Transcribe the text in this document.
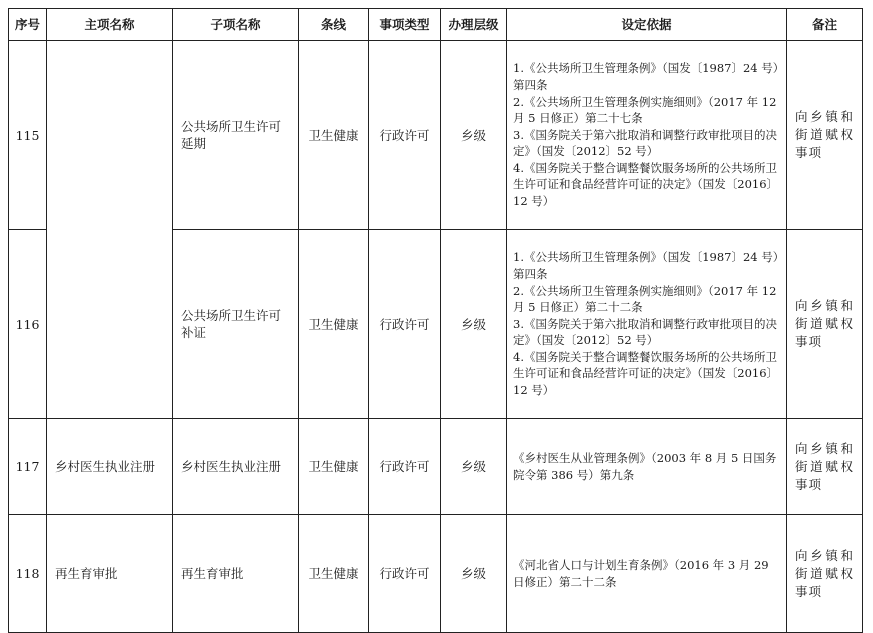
序号	主项名称	子项名称	条线	事项类型	办理层级	设定依据	备注
115		公共场所卫生许可延期	卫生健康	行政许可	乡级	1.《公共场所卫生管理条例》（国发〔1987〕24 号）第四条
2.《公共场所卫生管理条例实施细则》（2017 年 12 月 5 日修正）第二十七条
3.《国务院关于第六批取消和调整行政审批项目的决定》（国发〔2012〕52 号）
4.《国务院关于整合调整餐饮服务场所的公共场所卫生许可证和食品经营许可证的决定》（国发〔2016〕12 号）	向乡镇和街道赋权事项
116		公共场所卫生许可补证	卫生健康	行政许可	乡级	1.《公共场所卫生管理条例》（国发〔1987〕24 号）第四条
2.《公共场所卫生管理条例实施细则》（2017 年 12 月 5 日修正）第二十二条
3.《国务院关于第六批取消和调整行政审批项目的决定》（国发〔2012〕52 号）
4.《国务院关于整合调整餐饮服务场所的公共场所卫生许可证和食品经营许可证的决定》（国发〔2016〕12 号）	向乡镇和街道赋权事项
117	乡村医生执业注册	乡村医生执业注册	卫生健康	行政许可	乡级	《乡村医生从业管理条例》（2003 年 8 月 5 日国务院令第 386 号）第九条	向乡镇和街道赋权事项
118	再生育审批	再生育审批	卫生健康	行政许可	乡级	《河北省人口与计划生育条例》（2016 年 3 月 29 日修正）第二十二条	向乡镇和街道赋权事项
